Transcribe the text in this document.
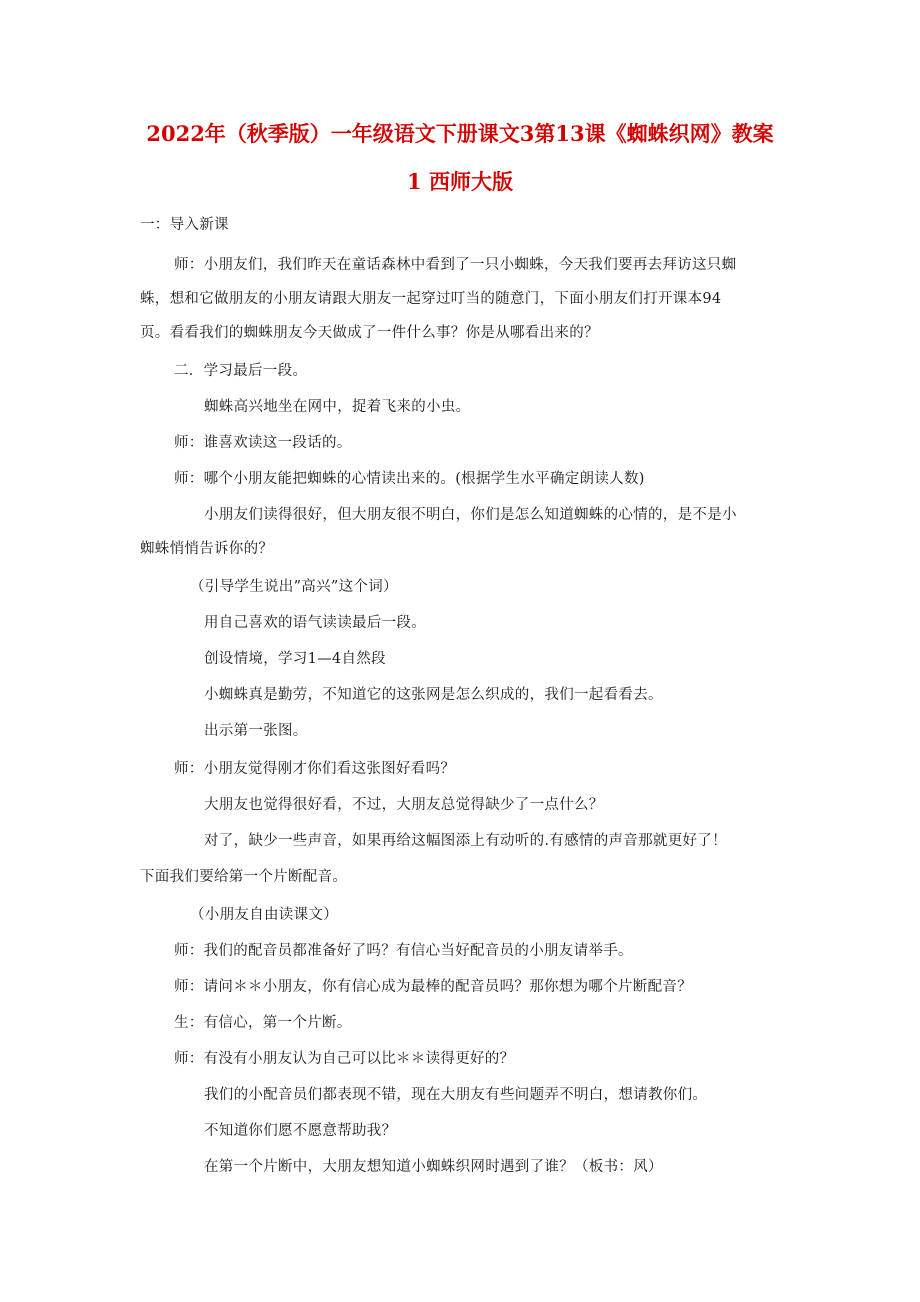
2022年（秋季版）一年级语文下册课文3第13课《蜘蛛织网》教案
1 西师大版
一：导入新课
师：小朋友们，我们昨天在童话森林中看到了一只小蜘蛛，今天我们要再去拜访这只蜘
蛛，想和它做朋友的小朋友请跟大朋友一起穿过叮当的随意门，下面小朋友们打开课本94
页。看看我们的蜘蛛朋友今天做成了一件什么事？你是从哪看出来的？
二．学习最后一段。
蜘蛛高兴地坐在网中，捉着飞来的小虫。
师：谁喜欢读这一段话的。
师：哪个小朋友能把蜘蛛的心情读出来的。(根据学生水平确定朗读人数)
小朋友们读得很好，但大朋友很不明白，你们是怎么知道蜘蛛的心情的，是不是小
蜘蛛悄悄告诉你的？
（引导学生说出”高兴”这个词）
用自己喜欢的语气读读最后一段。
创设情境，学习1—4自然段
小蜘蛛真是勤劳，不知道它的这张网是怎么织成的，我们一起看看去。
出示第一张图。
师：小朋友觉得刚才你们看这张图好看吗？
大朋友也觉得很好看，不过，大朋友总觉得缺少了一点什么？
对了，缺少一些声音，如果再给这幅图添上有动听的.有感情的声音那就更好了！
下面我们要给第一个片断配音。
（小朋友自由读课文）
师：我们的配音员都准备好了吗？有信心当好配音员的小朋友请举手。
师：请问＊＊小朋友，你有信心成为最棒的配音员吗？那你想为哪个片断配音？
生：有信心，第一个片断。
师：有没有小朋友认为自己可以比＊＊读得更好的？
我们的小配音员们都表现不错，现在大朋友有些问题弄不明白，想请教你们。
不知道你们愿不愿意帮助我？
在第一个片断中，大朋友想知道小蜘蛛织网时遇到了谁？（板书：风）
